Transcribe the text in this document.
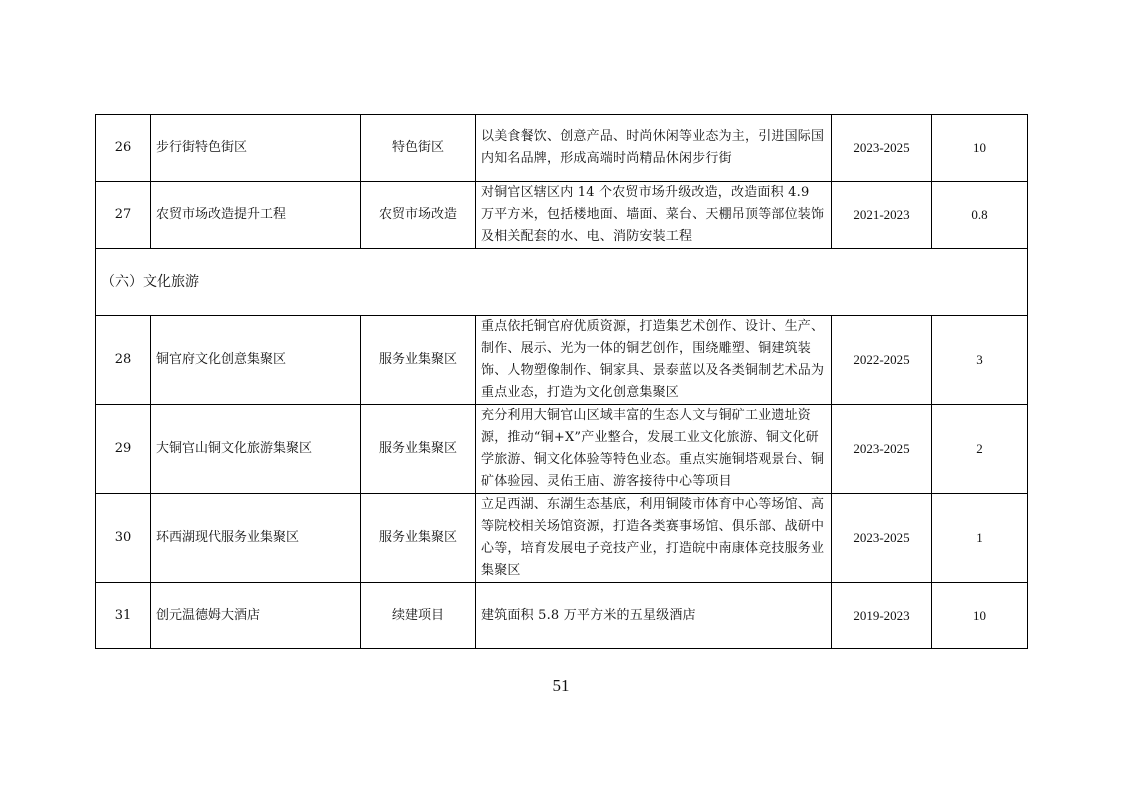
26	步行街特色街区	特色街区	以美食餐饮、创意产品、时尚休闲等业态为主，引进国际国内知名品牌，形成高端时尚精品休闲步行街	2023-2025	10
27	农贸市场改造提升工程	农贸市场改造	对铜官区辖区内 14 个农贸市场升级改造，改造面积 4.9 万平方米，包括楼地面、墙面、菜台、天棚吊顶等部位装饰及相关配套的水、电、消防安装工程	2021-2023	0.8
（六）文化旅游					
28	铜官府文化创意集聚区	服务业集聚区	重点依托铜官府优质资源，打造集艺术创作、设计、生产、制作、展示、光为一体的铜艺创作，围绕雕塑、铜建筑装饰、人物塑像制作、铜家具、景泰蓝以及各类铜制艺术品为重点业态，打造为文化创意集聚区	2022-2025	3
29	大铜官山铜文化旅游集聚区	服务业集聚区	充分利用大铜官山区域丰富的生态人文与铜矿工业遗址资源，推动“铜+X”产业整合，发展工业文化旅游、铜文化研学旅游、铜文化体验等特色业态。重点实施铜塔观景台、铜矿体验园、灵佑王庙、游客接待中心等项目	2023-2025	2
30	环西湖现代服务业集聚区	服务业集聚区	立足西湖、东湖生态基底，利用铜陵市体育中心等场馆、高等院校相关场馆资源，打造各类赛事场馆、俱乐部、战研中心等，培育发展电子竞技产业，打造皖中南康体竞技服务业集聚区	2023-2025	1
31	创元温德姆大酒店	续建项目	建筑面积 5.8 万平方米的五星级酒店	2019-2023	10
51
